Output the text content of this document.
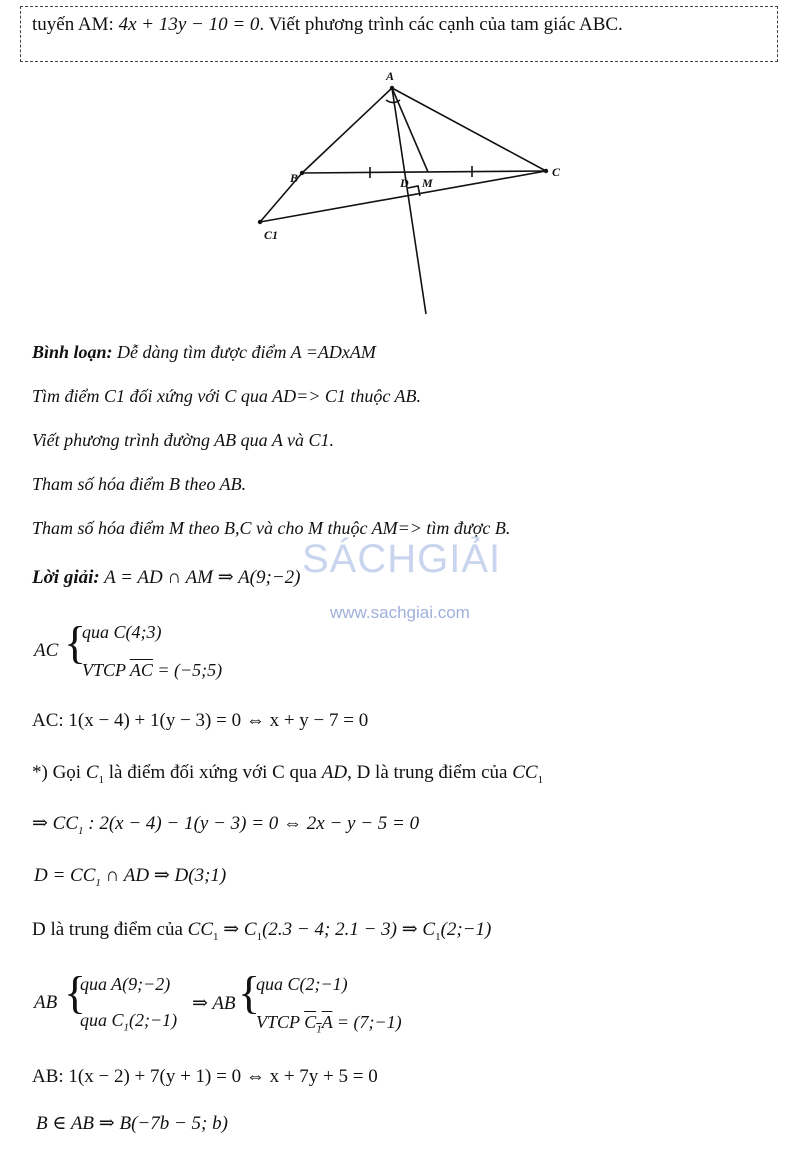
tuyến AM: 4x + 13y − 10 = 0. Viết phương trình các cạnh của tam giác ABC.
A
B	C
D M
C1
Bình loạn: Dễ dàng tìm được điểm A =ADxAM
Tìm điểm C1 đối xứng với C qua AD=> C1 thuộc AB.
Viết phương trình đường AB qua A và C1.
Tham số hóa điểm B theo AB.
Tham số hóa điểm M theo B,C và cho M thuộc AM=> tìm được B.
SÁCHGIẢI
www.sachgiai.com
Lời giải: A = AD ∩ AM ⇒ A(9;−2)
AC {
qua C(4;3)
VTCP $\overline{AC}$ = (−5;5)
AC: 1(x − 4) + 1(y − 3) = 0 ⇔ x + y − 7 = 0
*) Gọi $C_1$ là điểm đối xứng với C qua AD, D là trung điểm của $CC_1$
⇒ $CC_1$ : 2(x − 4) − 1(y − 3) = 0 ⇔ 2x − y − 5 = 0
$D = CC_1$ ∩ AD ⇒ D(3;1)
D là trung điểm của $CC_1$ ⇒ $C_1(2.3 - 4$; 2.1 − 3) ⇒ $C_1(2;-1)$
AB {
qua A(9;−2)
qua $C_1(2;-1)$
⇒ AB {
qua C(2;−1)
VTCP $C_1A$ = (7;−1)
AB: 1(x − 2) + 7(y + 1) = 0 ⇔ x + 7y + 5 = 0
B ∈ AB ⇒ B(−7b − 5; b)
